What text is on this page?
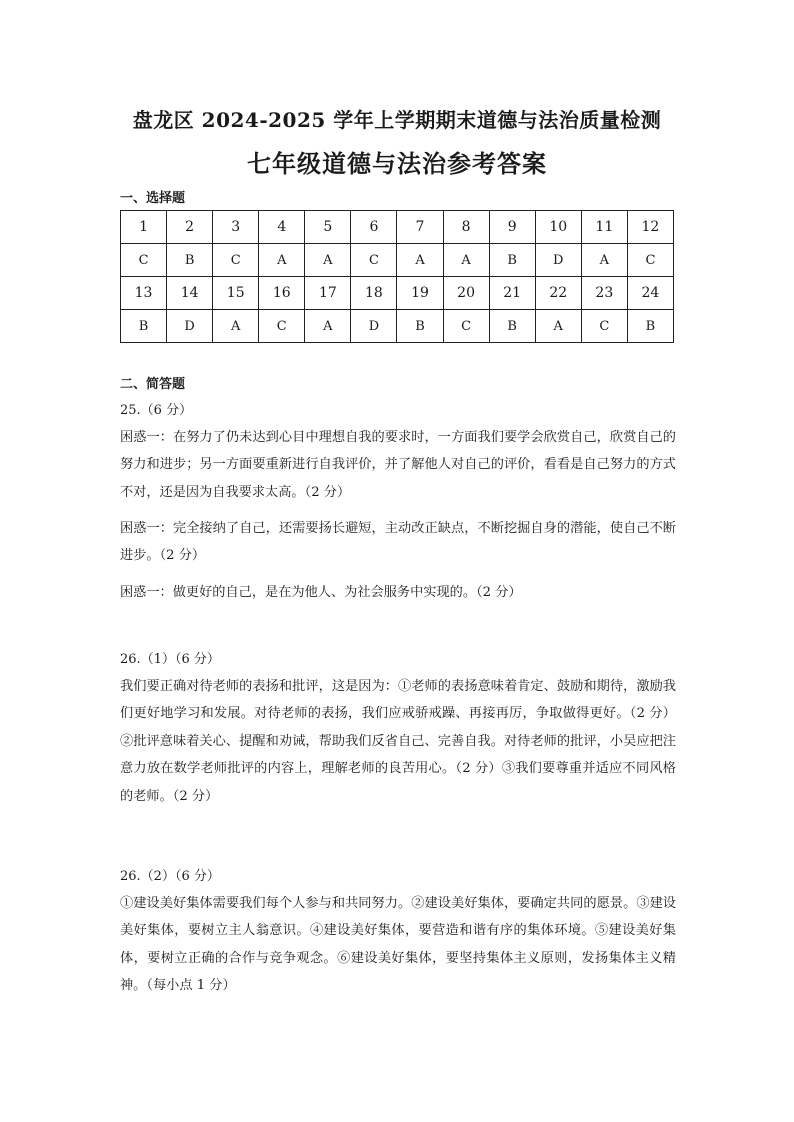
盘龙区 2024-2025 学年上学期期末道德与法治质量检测
七年级道德与法治参考答案
一、选择题
1	2	3	4	5	6	7	8	9	10	11	12
C	B	C	A	A	C	A	A	B	D	A	C
13	14	15	16	17	18	19	20	21	22	23	24
B	D	A	C	A	D	B	C	B	A	C	B
二、简答题
25.（6 分）
困惑一：在努力了仍未达到心目中理想自我的要求时，一方面我们要学会欣赏自己，欣赏自己的努力和进步；另一方面要重新进行自我评价，并了解他人对自己的评价，看看是自己努力的方式不对，还是因为自我要求太高。（2 分）
困惑一：完全接纳了自己，还需要扬长避短，主动改正缺点，不断挖掘自身的潜能，使自己不断进步。（2 分）
困惑一：做更好的自己，是在为他人、为社会服务中实现的。（2 分）
26.（1）（6 分）
我们要正确对待老师的表扬和批评，这是因为：①老师的表扬意味着肯定、鼓励和期待，激励我们更好地学习和发展。对待老师的表扬，我们应戒骄戒躁、再接再厉，争取做得更好。（2 分）②批评意味着关心、提醒和劝诫，帮助我们反省自己、完善自我。对待老师的批评，小吴应把注意力放在数学老师批评的内容上，理解老师的良苦用心。（2 分）③我们要尊重并适应不同风格的老师。（2 分）
26.（2）（6 分）
①建设美好集体需要我们每个人参与和共同努力。②建设美好集体，要确定共同的愿景。③建设美好集体，要树立主人翁意识。④建设美好集体，要营造和谐有序的集体环境。⑤建设美好集体，要树立正确的合作与竞争观念。⑥建设美好集体，要坚持集体主义原则，发扬集体主义精神。（每小点 1 分）
